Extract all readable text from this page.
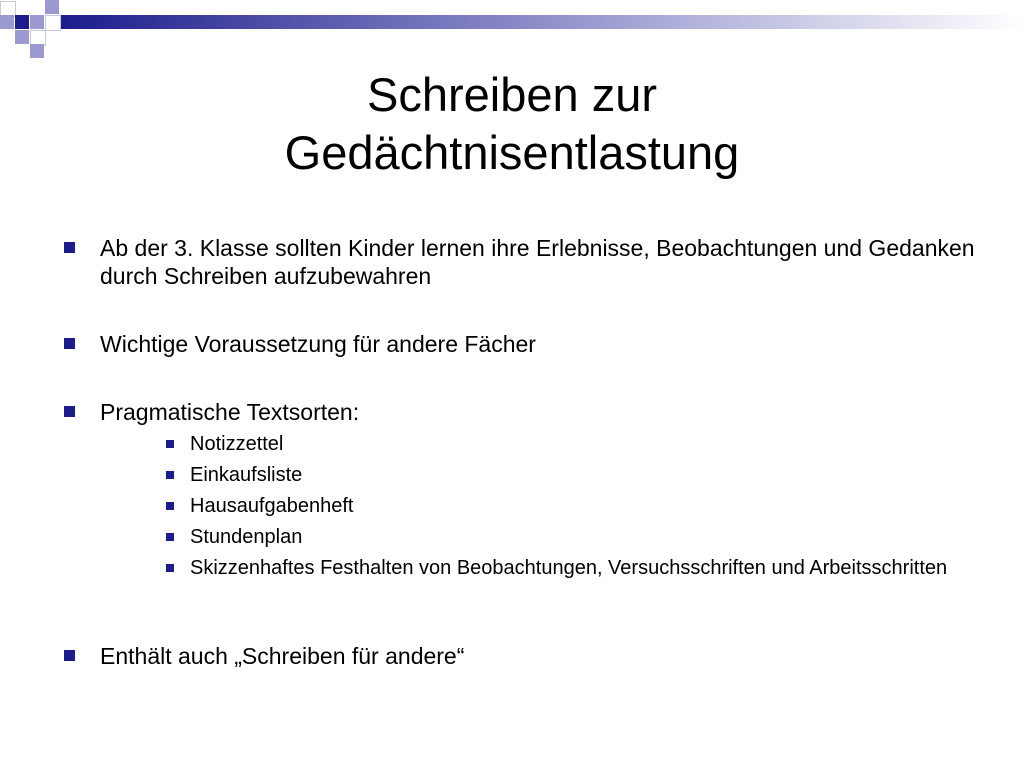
Schreiben zur
Gedächtnisentlastung
Ab der 3. Klasse sollten Kinder lernen ihre Erlebnisse, Beobachtungen und Gedanken durch Schreiben aufzubewahren
Wichtige Voraussetzung für andere Fächer
Pragmatische Textsorten:
Notizzettel
Einkaufsliste
Hausaufgabenheft
Stundenplan
Skizzenhaftes Festhalten von Beobachtungen, Versuchsschriften und Arbeitsschritten
Enthält auch „Schreiben für andere“
